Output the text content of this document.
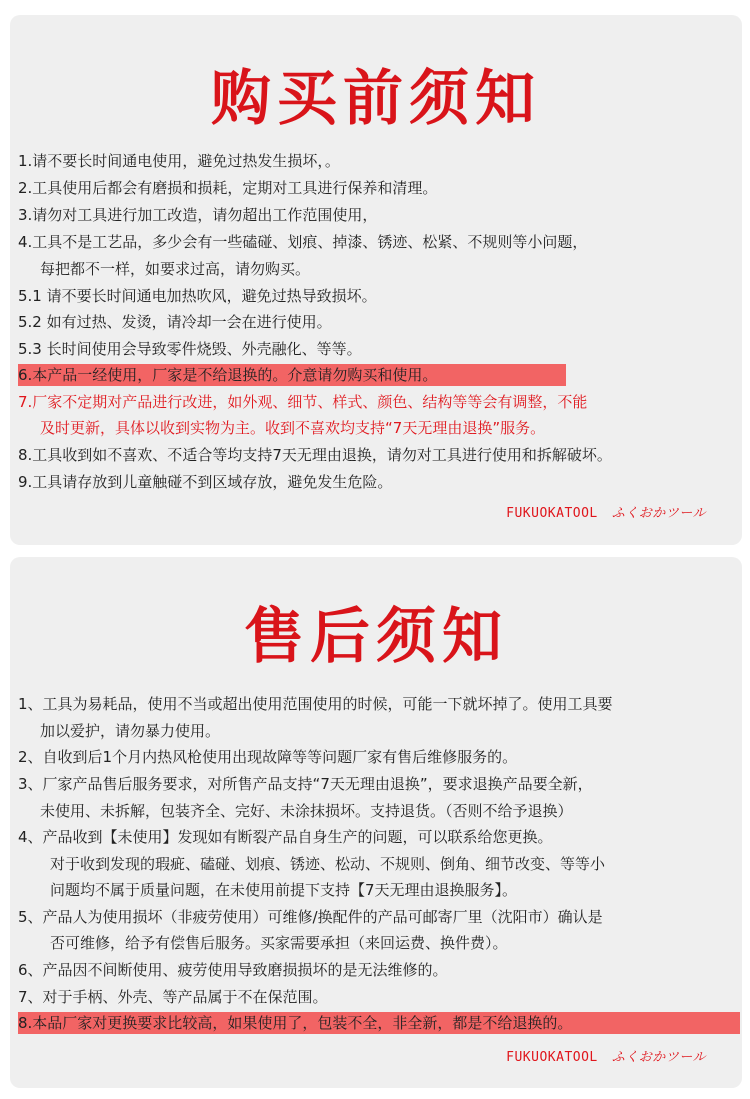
购买前须知
1.请不要长时间通电使用，避免过热发生损坏，。
2.工具使用后都会有磨损和损耗，定期对工具进行保养和清理。
3.请勿对工具进行加工改造，请勿超出工作范围使用，
4.工具不是工艺品，多少会有一些磕碰、划痕、掉漆、锈迹、松紧、不规则等小问题，
每把都不一样，如要求过高，请勿购买。
5.1 请不要长时间通电加热吹风，避免过热导致损坏。
5.2 如有过热、发烫，请冷却一会在进行使用。
5.3 长时间使用会导致零件烧毁、外壳融化、等等。
6.本产品一经使用，厂家是不给退换的。介意请勿购买和使用。
7.厂家不定期对产品进行改进，如外观、细节、样式、颜色、结构等等会有调整，不能
及时更新，具体以收到实物为主。收到不喜欢均支持“7天无理由退换”服务。
8.工具收到如不喜欢、不适合等均支持7天无理由退换，请勿对工具进行使用和拆解破坏。
9.工具请存放到儿童触碰不到区域存放，避免发生危险。
FUKUOKATOOL ふくおかツール
售后须知
1、工具为易耗品，使用不当或超出使用范围使用的时候，可能一下就坏掉了。使用工具要
加以爱护，请勿暴力使用。
2、自收到后1个月内热风枪使用出现故障等等问题厂家有售后维修服务的。
3、厂家产品售后服务要求，对所售产品支持“7天无理由退换”，要求退换产品要全新，
未使用、未拆解，包装齐全、完好、未涂抹损坏。支持退货。（否则不给予退换）
4、产品收到【未使用】发现如有断裂产品自身生产的问题，可以联系给您更换。
对于收到发现的瑕疵、磕碰、划痕、锈迹、松动、不规则、倒角、细节改变、等等小
问题均不属于质量问题，在未使用前提下支持【7天无理由退换服务】。
5、产品人为使用损坏（非疲劳使用）可维修/换配件的产品可邮寄厂里（沈阳市）确认是
否可维修，给予有偿售后服务。买家需要承担（来回运费、换件费）。
6、产品因不间断使用、疲劳使用导致磨损损坏的是无法维修的。
7、对于手柄、外壳、等产品属于不在保范围。
8.本品厂家对更换要求比较高，如果使用了，包装不全，非全新，都是不给退换的。
FUKUOKATOOL ふくおかツール
